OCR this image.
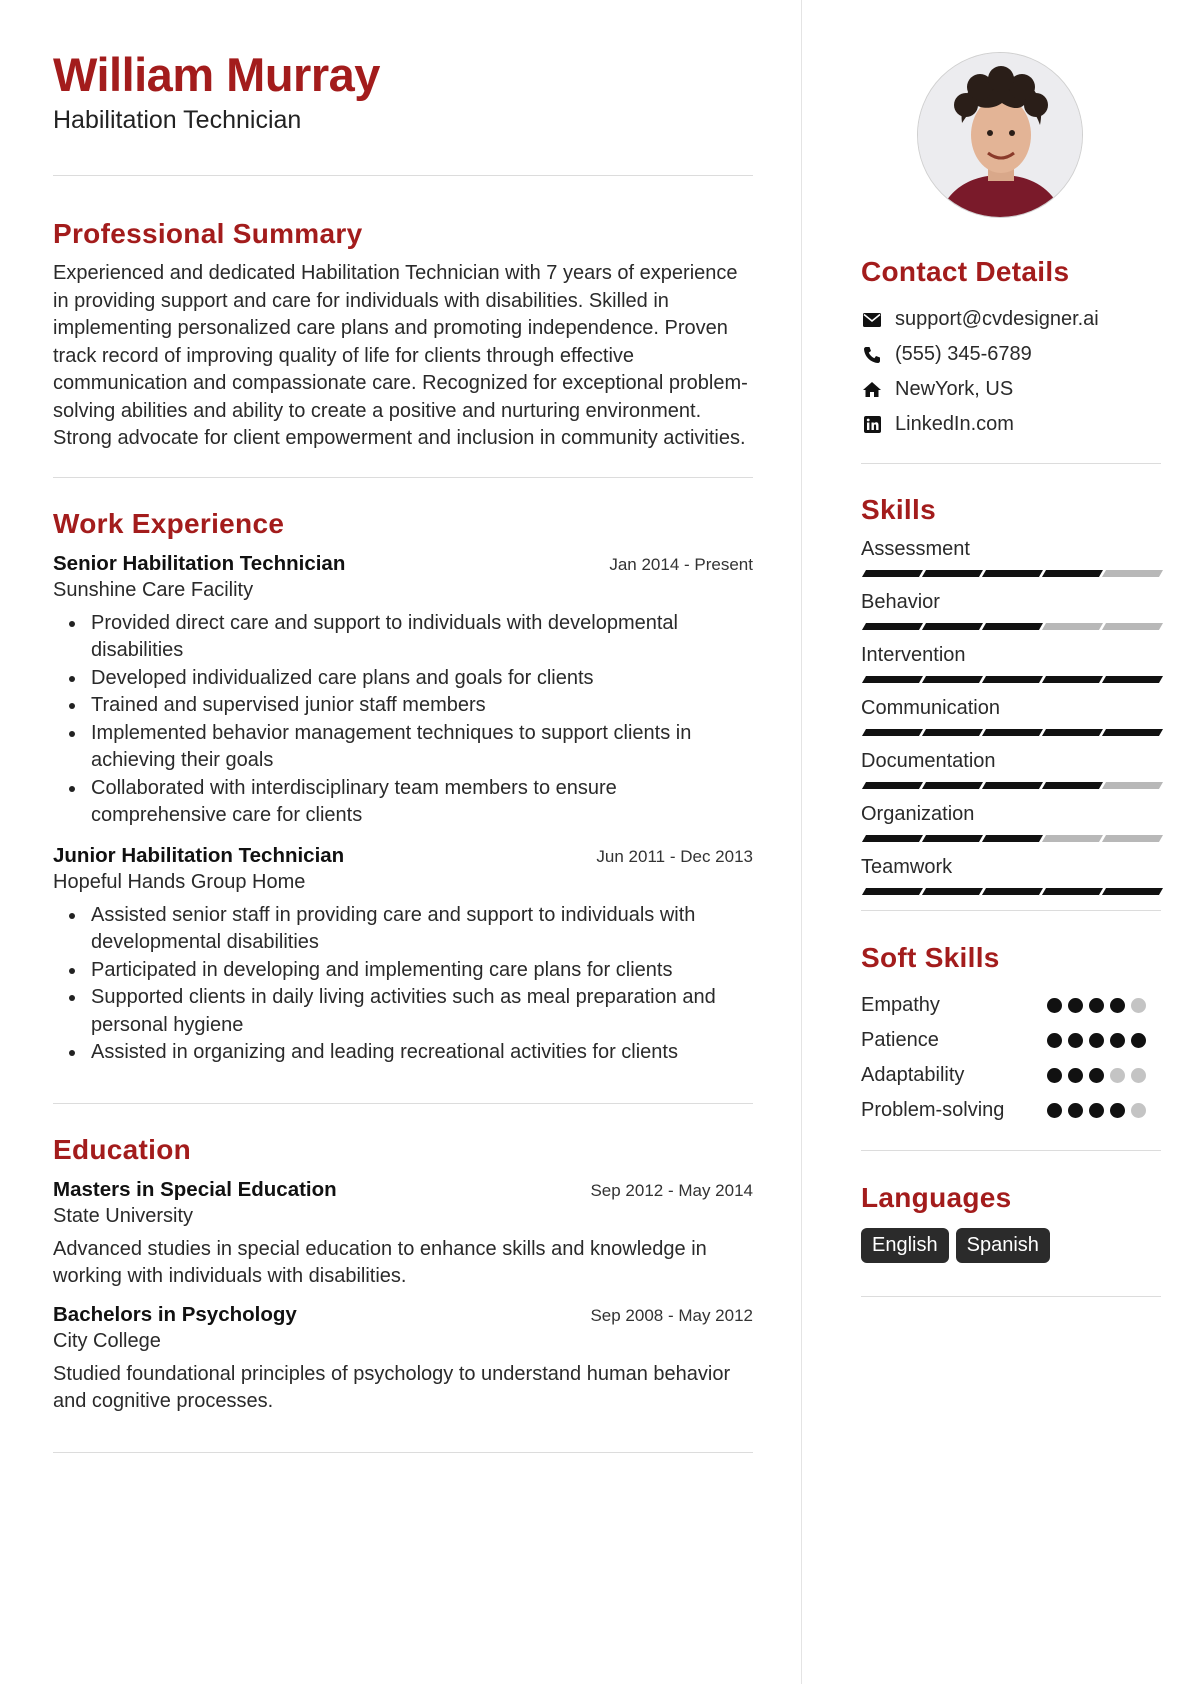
William Murray
Habilitation Technician
Professional Summary
Experienced and dedicated Habilitation Technician with 7 years of experience in providing support and care for individuals with disabilities. Skilled in implementing personalized care plans and promoting independence. Proven track record of improving quality of life for clients through effective communication and compassionate care. Recognized for exceptional problem-solving abilities and ability to create a positive and nurturing environment. Strong advocate for client empowerment and inclusion in community activities.
Work Experience
Senior Habilitation Technician	Jan 2014 - Present
Sunshine Care Facility
Provided direct care and support to individuals with developmental disabilities
Developed individualized care plans and goals for clients
Trained and supervised junior staff members
Implemented behavior management techniques to support clients in achieving their goals
Collaborated with interdisciplinary team members to ensure comprehensive care for clients
Junior Habilitation Technician	Jun 2011 - Dec 2013
Hopeful Hands Group Home
Assisted senior staff in providing care and support to individuals with developmental disabilities
Participated in developing and implementing care plans for clients
Supported clients in daily living activities such as meal preparation and personal hygiene
Assisted in organizing and leading recreational activities for clients
Education
Masters in Special Education	Sep 2012 - May 2014
State University
Advanced studies in special education to enhance skills and knowledge in working with individuals with disabilities.
Bachelors in Psychology	Sep 2008 - May 2012
City College
Studied foundational principles of psychology to understand human behavior and cognitive processes.
Contact Details
support@cvdesigner.ai
(555) 345-6789
NewYork, US
LinkedIn.com
Skills
Assessment
Behavior
Intervention
Communication
Documentation
Organization
Teamwork
Soft Skills
Empathy
Patience
Adaptability
Problem-solving
Languages
English	Spanish
